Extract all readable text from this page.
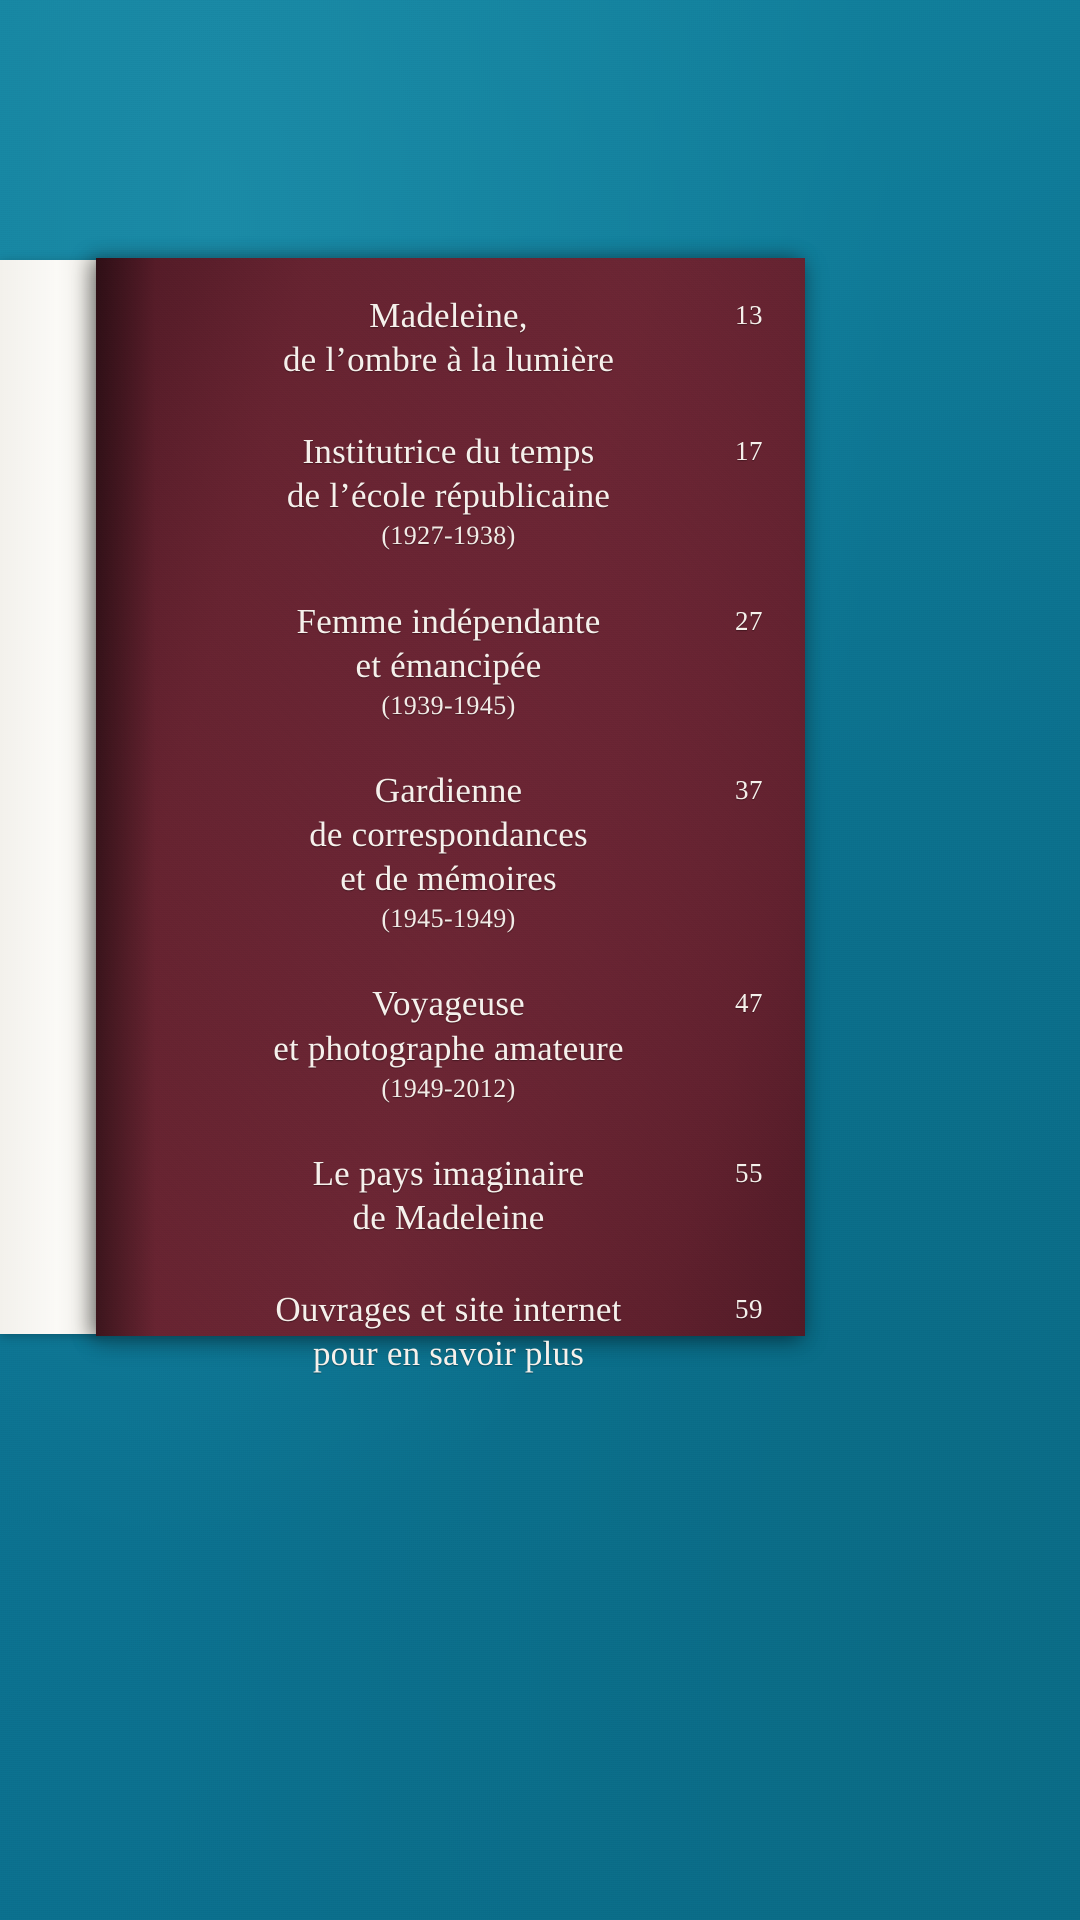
Madeleine,
de l’ombre à la lumière
13
Institutrice du temps
de l’école républicaine
(1927-1938)
17
Femme indépendante
et émancipée
(1939-1945)
27
Gardienne
de correspondances
et de mémoires
(1945-1949)
37
Voyageuse
et photographe amateure
(1949-2012)
47
Le pays imaginaire
de Madeleine
55
Ouvrages et site internet
pour en savoir plus
59
